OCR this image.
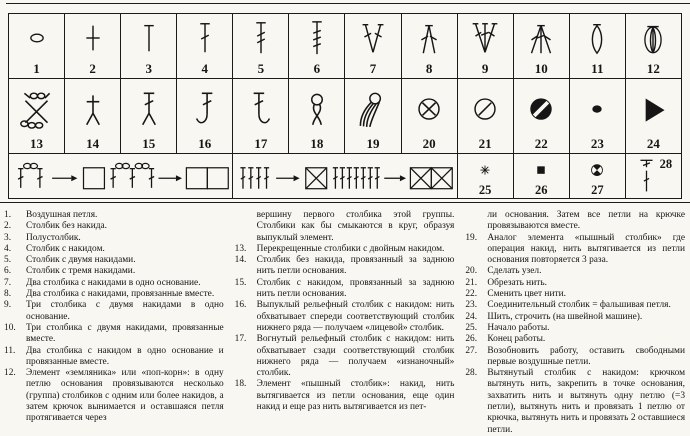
1	2	3	4	5	6	7	8	9	10	11	12

13	14	15	16	17	18	19	20	21	22	23	24

25	26	27	28
1.	Воздушная петля.
2.	Столбик без накида.
3.	Полустолбик.
4.	Столбик с накидом.
5.	Столбик с двумя накидами.
6.	Столбик с тремя накидами.
7.	Два столбика с накидами в одно основание.
8.	Два столбика с накидами, провязанные вместе.
9.	Три столбика с двумя накидами в одно основание.
10.	Три столбика с двумя накидами, провязанные вместе.
11.	Два столбика с накидом в одно основание и провязанные вместе.
12.	Элемент «земляника» или «поп-корн»: в одну петлю основания провязываются несколько (группа) столбиков с одним или более накидов, а затем крючок вынимается и оставшаяся петля протягивается через
вершину первого столбика этой группы. Столбики как бы смыкаются в круг, образуя выпуклый элемент.
13.	Перекрещенные столбики с двойным накидом.
14.	Столбик без накида, провязанный за заднюю нить петли основания.
15.	Столбик с накидом, провязанный за заднюю нить петли основания.
16.	Выпуклый рельефный столбик с накидом: нить обхватывает спереди соответствующий столбик нижнего ряда — получаем «лицевой» столбик.
17.	Вогнутый рельефный столбик с накидом: нить обхватывает сзади соответствующий столбик нижнего ряда — получаем «изнаночный» столбик.
18.	Элемент «пышный столбик»: накид, нить вытягивается из петли основания, еще один накид и еще раз нить вытягивается из пет-
ли основания. Затем все петли на крючке провязываются вместе.
19.	Аналог элемента «пышный столбик» где операция накид, нить вытягивается из петли основания повторяется 3 раза.
20.	Сделать узел.
21.	Обрезать нить.
22.	Сменить цвет нити.
23.	Соединительный столбик = фальшивая петля.
24.	Шить, строчить (на швейной машине).
25.	Начало работы.
26.	Конец работы.
27.	Возобновить работу, оставить свободными первые воздушные петли.
28.	Вытянутый столбик с накидом: крючком вытянуть нить, закрепить в точке основания, захватить нить и вытянуть одну петлю (=3 петли), вытянуть нить и провязать 1 петлю от крючка, вытянуть нить и провязать 2 оставшиеся петли.
